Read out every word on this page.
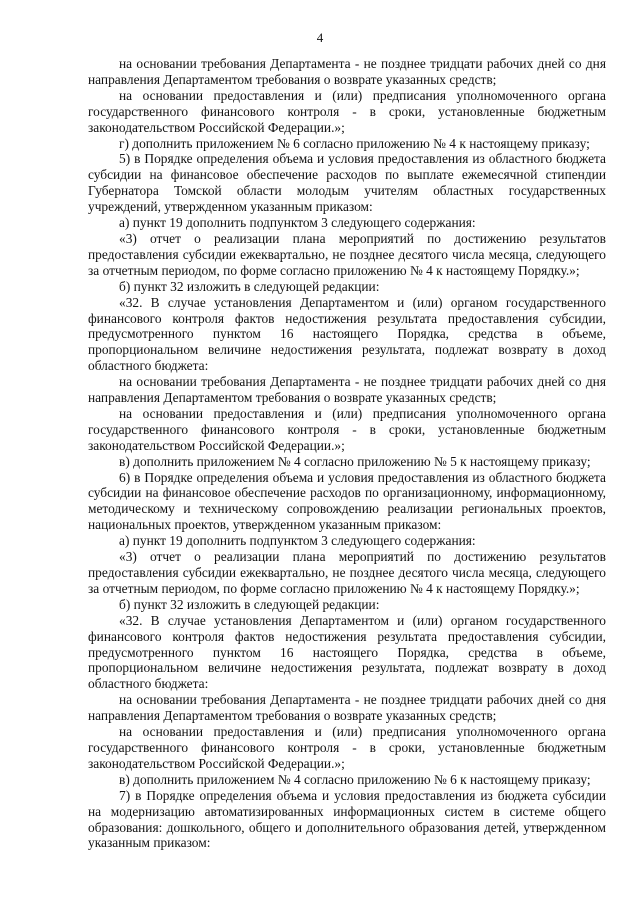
4

на основании требования Департамента - не позднее тридцати рабочих дней со дня направления Департаментом требования о возврате указанных средств;

на основании предоставления и (или) предписания уполномоченного органа государственного финансового контроля - в сроки, установленные бюджетным законодательством Российской Федерации.»;

г) дополнить приложением № 6 согласно приложению № 4 к настоящему приказу;

5) в Порядке определения объема и условия предоставления из областного бюджета субсидии на финансовое обеспечение расходов по выплате ежемесячной стипендии Губернатора Томской области молодым учителям областных государственных учреждений, утвержденном указанным приказом:

а) пункт 19 дополнить подпунктом 3 следующего содержания:

«3) отчет о реализации плана мероприятий по достижению результатов предоставления субсидии ежеквартально, не позднее десятого числа месяца, следующего за отчетным периодом, по форме согласно приложению № 4 к настоящему Порядку.»;

б) пункт 32 изложить в следующей редакции:

«32. В случае установления Департаментом и (или) органом государственного финансового контроля фактов недостижения результата предоставления субсидии, предусмотренного пунктом 16 настоящего Порядка, средства в объеме, пропорциональном величине недостижения результата, подлежат возврату в доход областного бюджета:

на основании требования Департамента - не позднее тридцати рабочих дней со дня направления Департаментом требования о возврате указанных средств;

на основании предоставления и (или) предписания уполномоченного органа государственного финансового контроля - в сроки, установленные бюджетным законодательством Российской Федерации.»;

в) дополнить приложением № 4 согласно приложению № 5 к настоящему приказу;

6) в Порядке определения объема и условия предоставления из областного бюджета субсидии на финансовое обеспечение расходов по организационному, информационному, методическому и техническому сопровождению реализации региональных проектов, национальных проектов, утвержденном указанным приказом:

а) пункт 19 дополнить подпунктом 3 следующего содержания:

«3) отчет о реализации плана мероприятий по достижению результатов предоставления субсидии ежеквартально, не позднее десятого числа месяца, следующего за отчетным периодом, по форме согласно приложению № 4 к настоящему Порядку.»;

б) пункт 32 изложить в следующей редакции:

«32. В случае установления Департаментом и (или) органом государственного финансового контроля фактов недостижения результата предоставления субсидии, предусмотренного пунктом 16 настоящего Порядка, средства в объеме, пропорциональном величине недостижения результата, подлежат возврату в доход областного бюджета:

на основании требования Департамента - не позднее тридцати рабочих дней со дня направления Департаментом требования о возврате указанных средств;

на основании предоставления и (или) предписания уполномоченного органа государственного финансового контроля - в сроки, установленные бюджетным законодательством Российской Федерации.»;

в) дополнить приложением № 4 согласно приложению № 6 к настоящему приказу;

7) в Порядке определения объема и условия предоставления из бюджета субсидии на модернизацию автоматизированных информационных систем в системе общего образования: дошкольного, общего и дополнительного образования детей, утвержденном указанным приказом:
